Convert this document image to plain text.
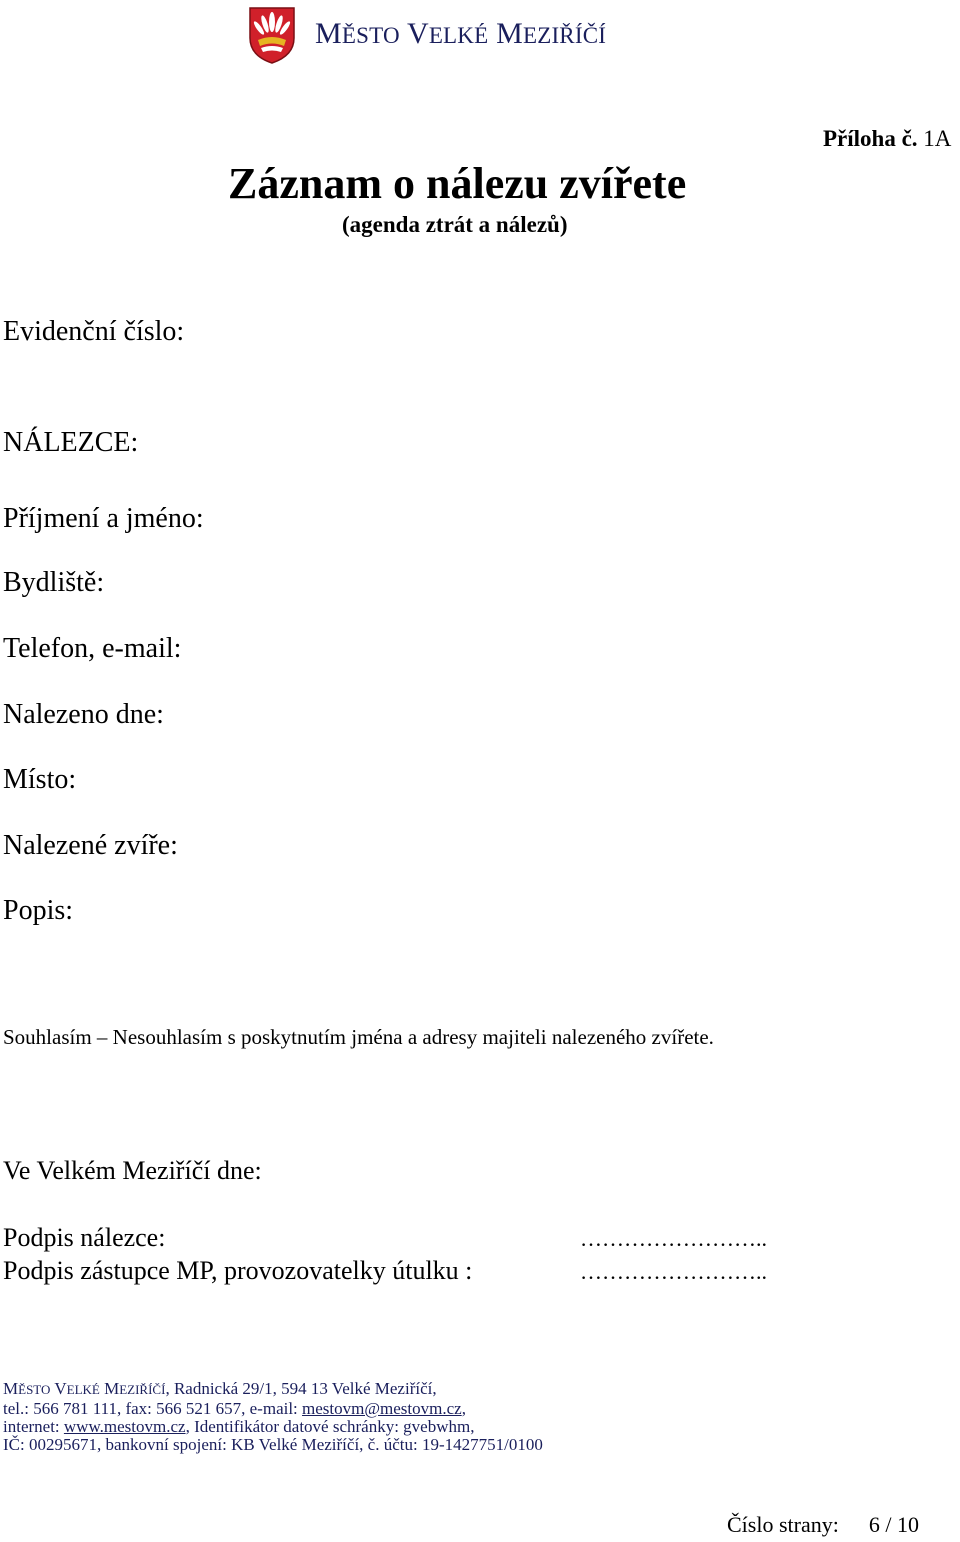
MĚSTO VELKÉ MEZIŘÍČÍ
Příloha č. 1A
Záznam o nálezu zvířete
(agenda ztrát a nálezů)
Evidenční číslo:
NÁLEZCE:
Příjmení a jméno:
Bydliště:
Telefon, e-mail:
Nalezeno dne:
Místo:
Nalezené zvíře:
Popis:
Souhlasím – Nesouhlasím s poskytnutím jména a adresy majiteli nalezeného zvířete.
Ve Velkém Meziříčí dne:
Podpis nálezce:
Podpis zástupce MP, provozovatelky útulku :
……………………..
……………………..
MĚSTO VELKÉ MEZIŘÍČÍ, Radnická 29/1, 594 13 Velké Meziříčí,
tel.: 566 781 111, fax: 566 521 657, e-mail: mestovm@mestovm.cz,
internet: www.mestovm.cz, Identifikátor datové schránky: gvebwhm,
IČ: 00295671, bankovní spojení: KB Velké Meziříčí, č. účtu: 19-1427751/0100
Číslo strany: 6 / 10
